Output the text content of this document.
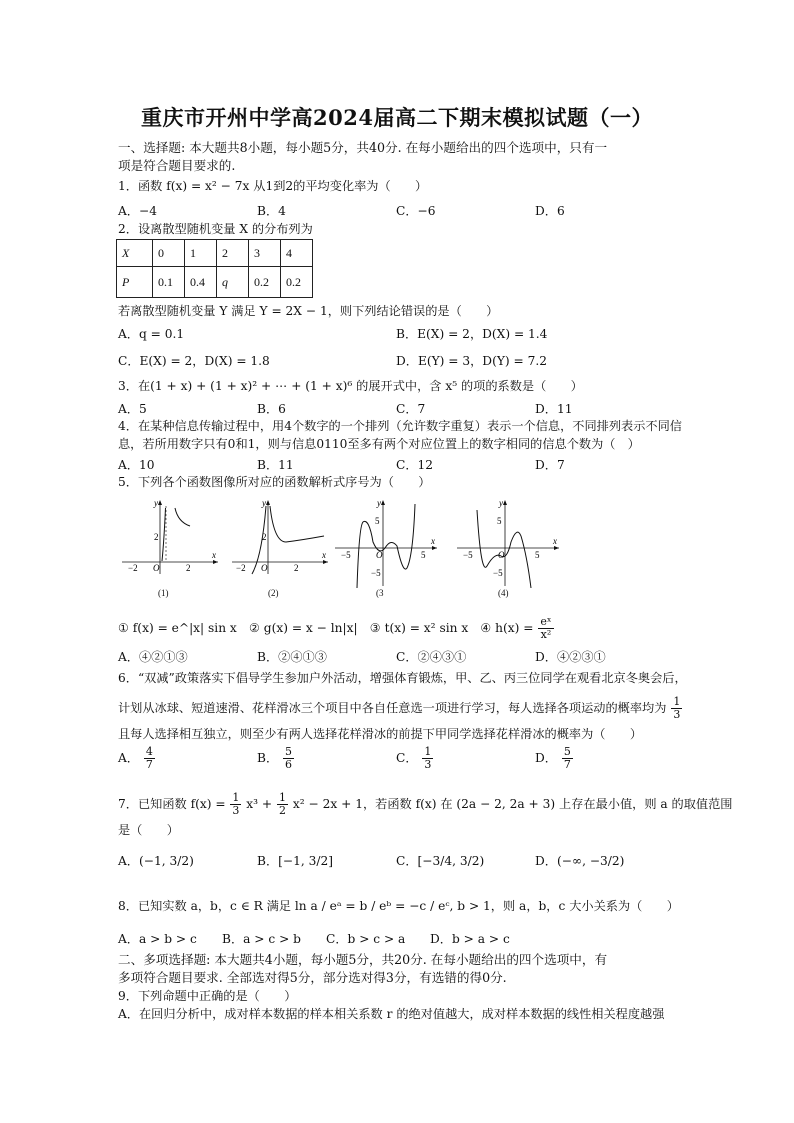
重庆市开州中学高2024届高二下期末模拟试题（一）
一、选择题: 本大题共8小题，每小题5分，共40分. 在每小题给出的四个选项中，只有一
项是符合题目要求的.
1．函数 f(x) = x² − 7x 从1到2的平均变化率为（　　）
A．−4	B．4	C．−6	D．6
2．设离散型随机变量 X 的分布列为
X	0	1	2	3	4
P	0.1	0.4	q	0.2	0.2
若离散型随机变量 Y 满足 Y = 2X − 1，则下列结论错误的是（　　）
A．q = 0.1	B．E(X) = 2，D(X) = 1.4
C．E(X) = 2，D(X) = 1.8	D．E(Y) = 3，D(Y) = 7.2
3．在(1 + x) + (1 + x)² + ⋯ + (1 + x)⁶ 的展开式中，含 x⁵ 的项的系数是（　　）
A．5	B．6	C．7	D．11
4．在某种信息传输过程中，用4个数字的一个排列（允许数字重复）表示一个信息，不同排列表示不同信
息，若所用数字只有0和1，则与信息0110至多有两个对应位置上的数字相同的信息个数为（　）
A．10	B．11	C．12	D．7
5．下列各个函数图像所对应的函数解析式序号为（　　）
y
x
O
−2	2
2
(1)
y
x
O
−2	2
2
(2)
y
x
O
−5	5
5
−5
(3
y
x
O
−5	5
5
−5
(4)
① f(x) = e^|x| sin x　② g(x) = x − ln|x|　③ t(x) = x² sin x　④ $h(x) = \frac{\text{eˣ}}{\text{x²}}$
A．④②①③	B．②④①③	C．②④③①	D．④②③①
6．“双减”政策落实下倡导学生参加户外活动，增强体育锻炼，甲、乙、丙三位同学在观看北京冬奥会后，
计划从冰球、短道速滑、花样滑冰三个项目中各自任意选一项进行学习，每人选择各项运动的概率均为 $\frac{1}{3}$
且每人选择相互独立，则至少有两人选择花样滑冰的前提下甲同学选择花样滑冰的概率为（　　）
A． $\frac{4}{7}$	B． $\frac{5}{6}$	C． $\frac{1}{3}$	D． $\frac{5}{7}$
7．已知函数 $f(x) = \frac{1}{3} x^3 + \frac{1}{2} x^2 - 2x + 1$，若函数 f(x) 在 (2a − 2, 2a + 3) 上存在最小值，则 a 的取值范围
是（　　）
A．(−1, 3/2)	B．[−1, 3/2]	C．[−3/4, 3/2)	D．(−∞, −3/2)
8．已知实数 a，b，c ∈ R 满足 ln a / eᵃ = b / eᵇ = −c / eᶜ, b > 1，则 a，b，c 大小关系为（　　）
A．a > b > c B．a > c > b C．b > c > a D．b > a > c
二、多项选择题: 本大题共4小题，每小题5分，共20分. 在每小题给出的四个选项中，有
多项符合题目要求. 全部选对得5分，部分选对得3分，有选错的得0分.
9．下列命题中正确的是（　　）
A．在回归分析中，成对样本数据的样本相关系数 r 的绝对值越大，成对样本数据的线性相关程度越强
